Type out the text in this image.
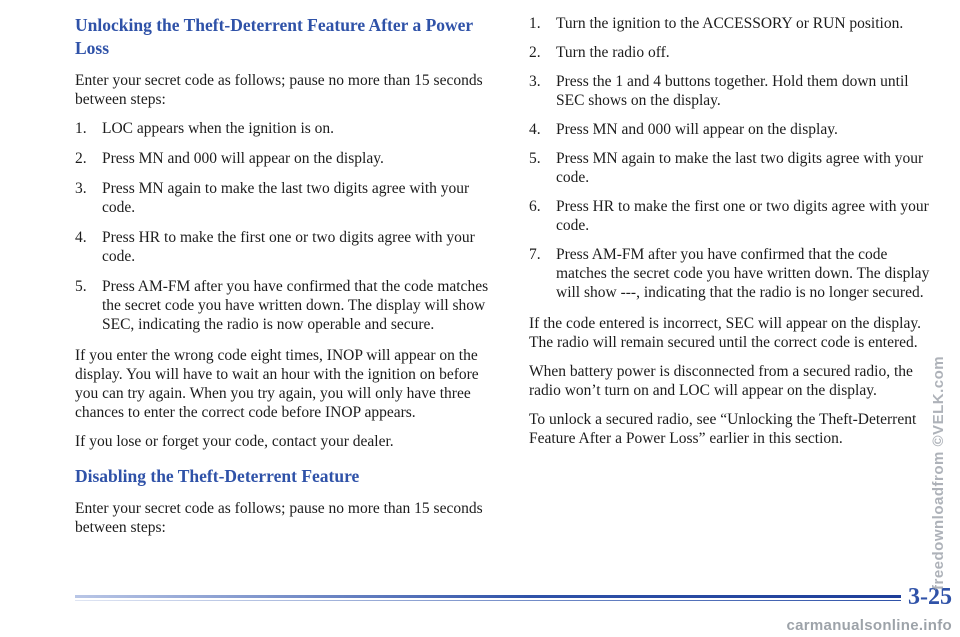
Unlocking the Theft-Deterrent Feature After a Power Loss

Enter your secret code as follows; pause no more than 15 seconds between steps:

1. LOC appears when the ignition is on.
2. Press MN and 000 will appear on the display.
3. Press MN again to make the last two digits agree with your code.
4. Press HR to make the first one or two digits agree with your code.
5. Press AM-FM after you have confirmed that the code matches the secret code you have written down. The display will show SEC, indicating the radio is now operable and secure.

If you enter the wrong code eight times, INOP will appear on the display. You will have to wait an hour with the ignition on before you can try again. When you try again, you will only have three chances to enter the correct code before INOP appears.

If you lose or forget your code, contact your dealer.

Disabling the Theft-Deterrent Feature

Enter your secret code as follows; pause no more than 15 seconds between steps:

1. Turn the ignition to the ACCESSORY or RUN position.
2. Turn the radio off.
3. Press the 1 and 4 buttons together. Hold them down until SEC shows on the display.
4. Press MN and 000 will appear on the display.
5. Press MN again to make the last two digits agree with your code.
6. Press HR to make the first one or two digits agree with your code.
7. Press AM-FM after you have confirmed that the code matches the secret code you have written down. The display will show ---, indicating that the radio is no longer secured.

If the code entered is incorrect, SEC will appear on the display. The radio will remain secured until the correct code is entered.

When battery power is disconnected from a secured radio, the radio won’t turn on and LOC will appear on the display.

To unlock a secured radio, see “Unlocking the Theft-Deterrent Feature After a Power Loss” earlier in this section.

3-25
freedownloadfrom ©VELK.com
carmanualsonline.info
